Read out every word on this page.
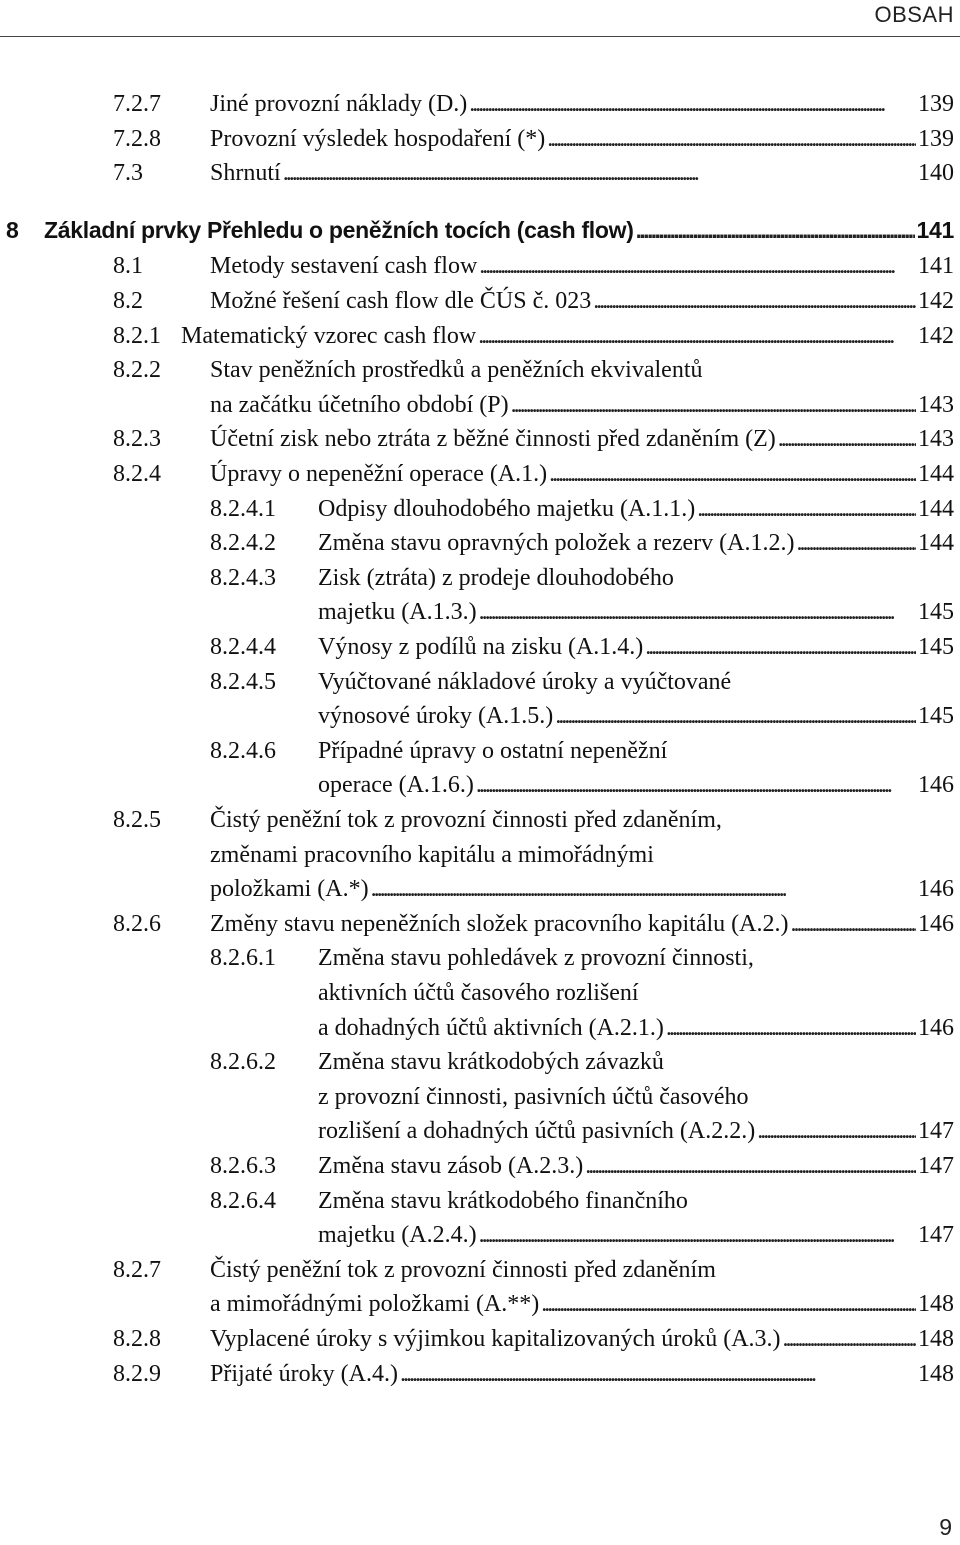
OBSAH
7.2.7 Jiné provozní náklady (D.) . . .	139
7.2.8 Provozní výsledek hospodaření (*) . . .	139
7.3	Shrnutí . . .	140
8 Základní prvky Přehledu o peněžních tocích (cash flow) . . .	141
8.1	Metody sestavení cash flow . . .	141
8.2	Možné řešení cash flow dle ČÚS č. 023 . . .	142
8.2.1 Matematický vzorec cash flow . . .	142
8.2.2 Stav peněžních prostředků a peněžních ekvivalentů
na začátku účetního období (P) . . .	143
8.2.3 Účetní zisk nebo ztráta z běžné činnosti před zdaněním (Z) . . .	143
8.2.4 Úpravy o nepeněžní operace (A.1.) . . .	144
8.2.4.1 Odpisy dlouhodobého majetku (A.1.1.) . . .	144
8.2.4.2 Změna stavu opravných položek a rezerv (A.1.2.) . . .	144
8.2.4.3 Zisk (ztráta) z prodeje dlouhodobého
majetku (A.1.3.) . . .	145
8.2.4.4 Výnosy z podílů na zisku (A.1.4.) . . .	145
8.2.4.5 Vyúčtované nákladové úroky a vyúčtované
výnosové úroky (A.1.5.) . . .	145
8.2.4.6 Případné úpravy o ostatní nepeněžní
operace (A.1.6.) . . .	146
8.2.5 Čistý peněžní tok z provozní činnosti před zdaněním,
změnami pracovního kapitálu a mimořádnými
položkami (A.*) . . .	146
8.2.6 Změny stavu nepeněžních složek pracovního kapitálu (A.2.) . . .	146
8.2.6.1 Změna stavu pohledávek z provozní činnosti,
aktivních účtů časového rozlišení
a dohadných účtů aktivních (A.2.1.) . . .	146
8.2.6.2 Změna stavu krátkodobých závazků
z provozní činnosti, pasivních účtů časového
rozlišení a dohadných účtů pasivních (A.2.2.) . . .	147
8.2.6.3 Změna stavu zásob (A.2.3.) . . .	147
8.2.6.4 Změna stavu krátkodobého finančního
majetku (A.2.4.) . . .	147
8.2.7 Čistý peněžní tok z provozní činnosti před zdaněním
a mimořádnými položkami (A.**) . . .	148
8.2.8 Vyplacené úroky s výjimkou kapitalizovaných úroků (A.3.) . . .	148
8.2.9 Přijaté úroky (A.4.) . . .	148
9
